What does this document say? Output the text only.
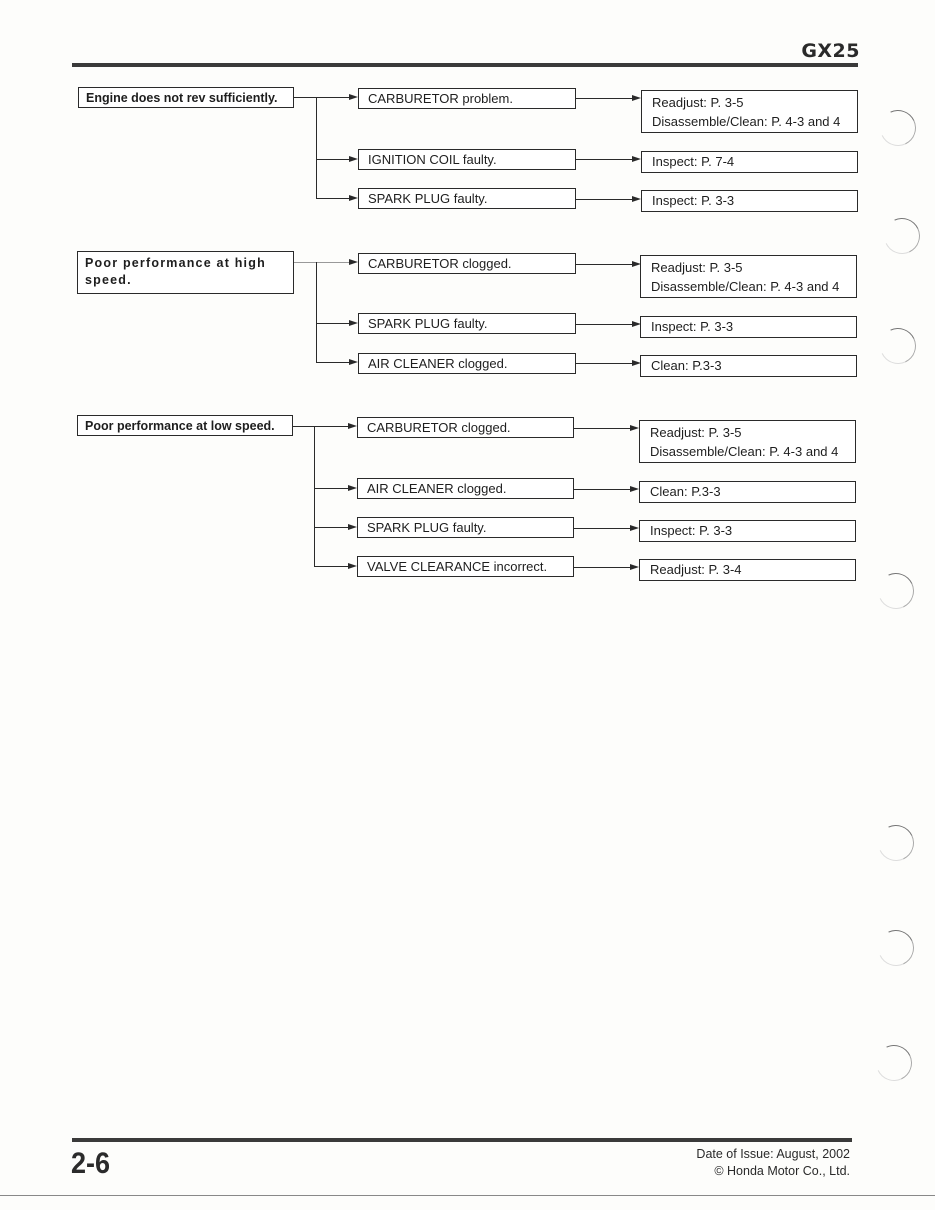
GX25
Engine does not rev sufficiently.	CARBURETOR problem.	Readjust: P. 3-5
Disassemble/Clean: P. 4-3 and 4
IGNITION COIL faulty.	Inspect: P. 7-4
SPARK PLUG faulty.	Inspect: P. 3-3
Poor performance at high speed.
CARBURETOR clogged.	Readjust: P. 3-5
Disassemble/Clean: P. 4-3 and 4
SPARK PLUG faulty.	Inspect: P. 3-3
AIR CLEANER clogged.	Clean: P.3-3
Poor performance at low speed.	CARBURETOR clogged.	Readjust: P. 3-5
Disassemble/Clean: P. 4-3 and 4
AIR CLEANER clogged.	Clean: P.3-3
SPARK PLUG faulty.	Inspect: P. 3-3
VALVE CLEARANCE incorrect.	Readjust: P. 3-4
2-6	Date of Issue: August, 2002
© Honda Motor Co., Ltd.
